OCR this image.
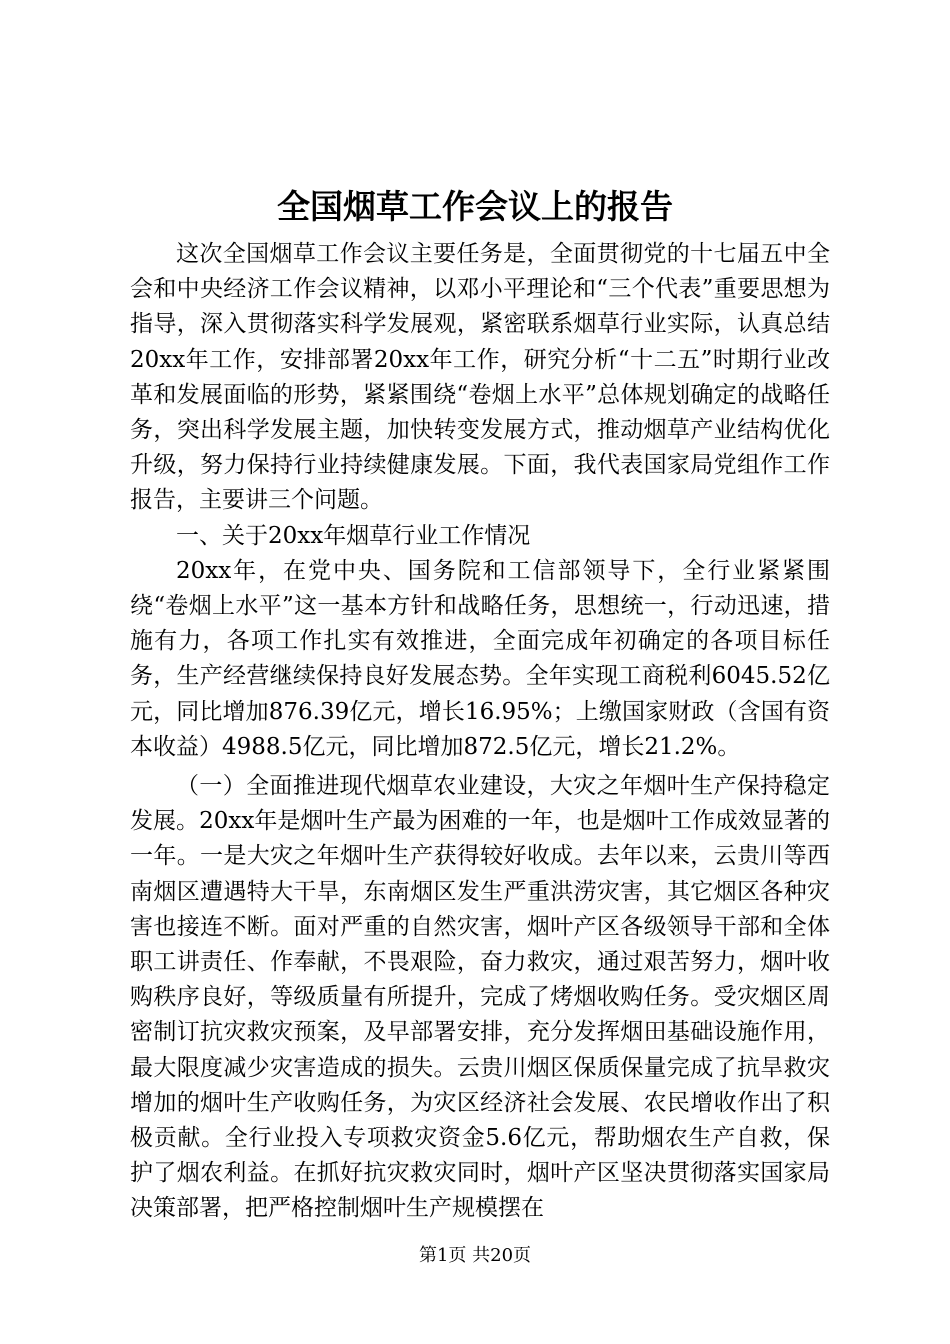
全国烟草工作会议上的报告

这次全国烟草工作会议主要任务是，全面贯彻党的十七届五中全会和中央经济工作会议精神，以邓小平理论和“三个代表”重要思想为指导，深入贯彻落实科学发展观，紧密联系烟草行业实际，认真总结20xx年工作，安排部署20xx年工作，研究分析“十二五”时期行业改革和发展面临的形势，紧紧围绕“卷烟上水平”总体规划确定的战略任务，突出科学发展主题，加快转变发展方式，推动烟草产业结构优化升级，努力保持行业持续健康发展。下面，我代表国家局党组作工作报告，主要讲三个问题。

一、关于20xx年烟草行业工作情况

20xx年，在党中央、国务院和工信部领导下，全行业紧紧围绕“卷烟上水平”这一基本方针和战略任务，思想统一，行动迅速，措施有力，各项工作扎实有效推进，全面完成年初确定的各项目标任务，生产经营继续保持良好发展态势。全年实现工商税利6045.52亿元，同比增加876.39亿元，增长16.95%；上缴国家财政（含国有资本收益）4988.5亿元，同比增加872.5亿元，增长21.2%。

（一）全面推进现代烟草农业建设，大灾之年烟叶生产保持稳定发展。20xx年是烟叶生产最为困难的一年，也是烟叶工作成效显著的一年。一是大灾之年烟叶生产获得较好收成。去年以来，云贵川等西南烟区遭遇特大干旱，东南烟区发生严重洪涝灾害，其它烟区各种灾害也接连不断。面对严重的自然灾害，烟叶产区各级领导干部和全体职工讲责任、作奉献，不畏艰险，奋力救灾，通过艰苦努力，烟叶收购秩序良好，等级质量有所提升，完成了烤烟收购任务。受灾烟区周密制订抗灾救灾预案，及早部署安排，充分发挥烟田基础设施作用，最大限度减少灾害造成的损失。云贵川烟区保质保量完成了抗旱救灾增加的烟叶生产收购任务，为灾区经济社会发展、农民增收作出了积极贡献。全行业投入专项救灾资金5.6亿元，帮助烟农生产自救，保护了烟农利益。在抓好抗灾救灾同时，烟叶产区坚决贯彻落实国家局决策部署，把严格控制烟叶生产规模摆在

第1页 共20页
